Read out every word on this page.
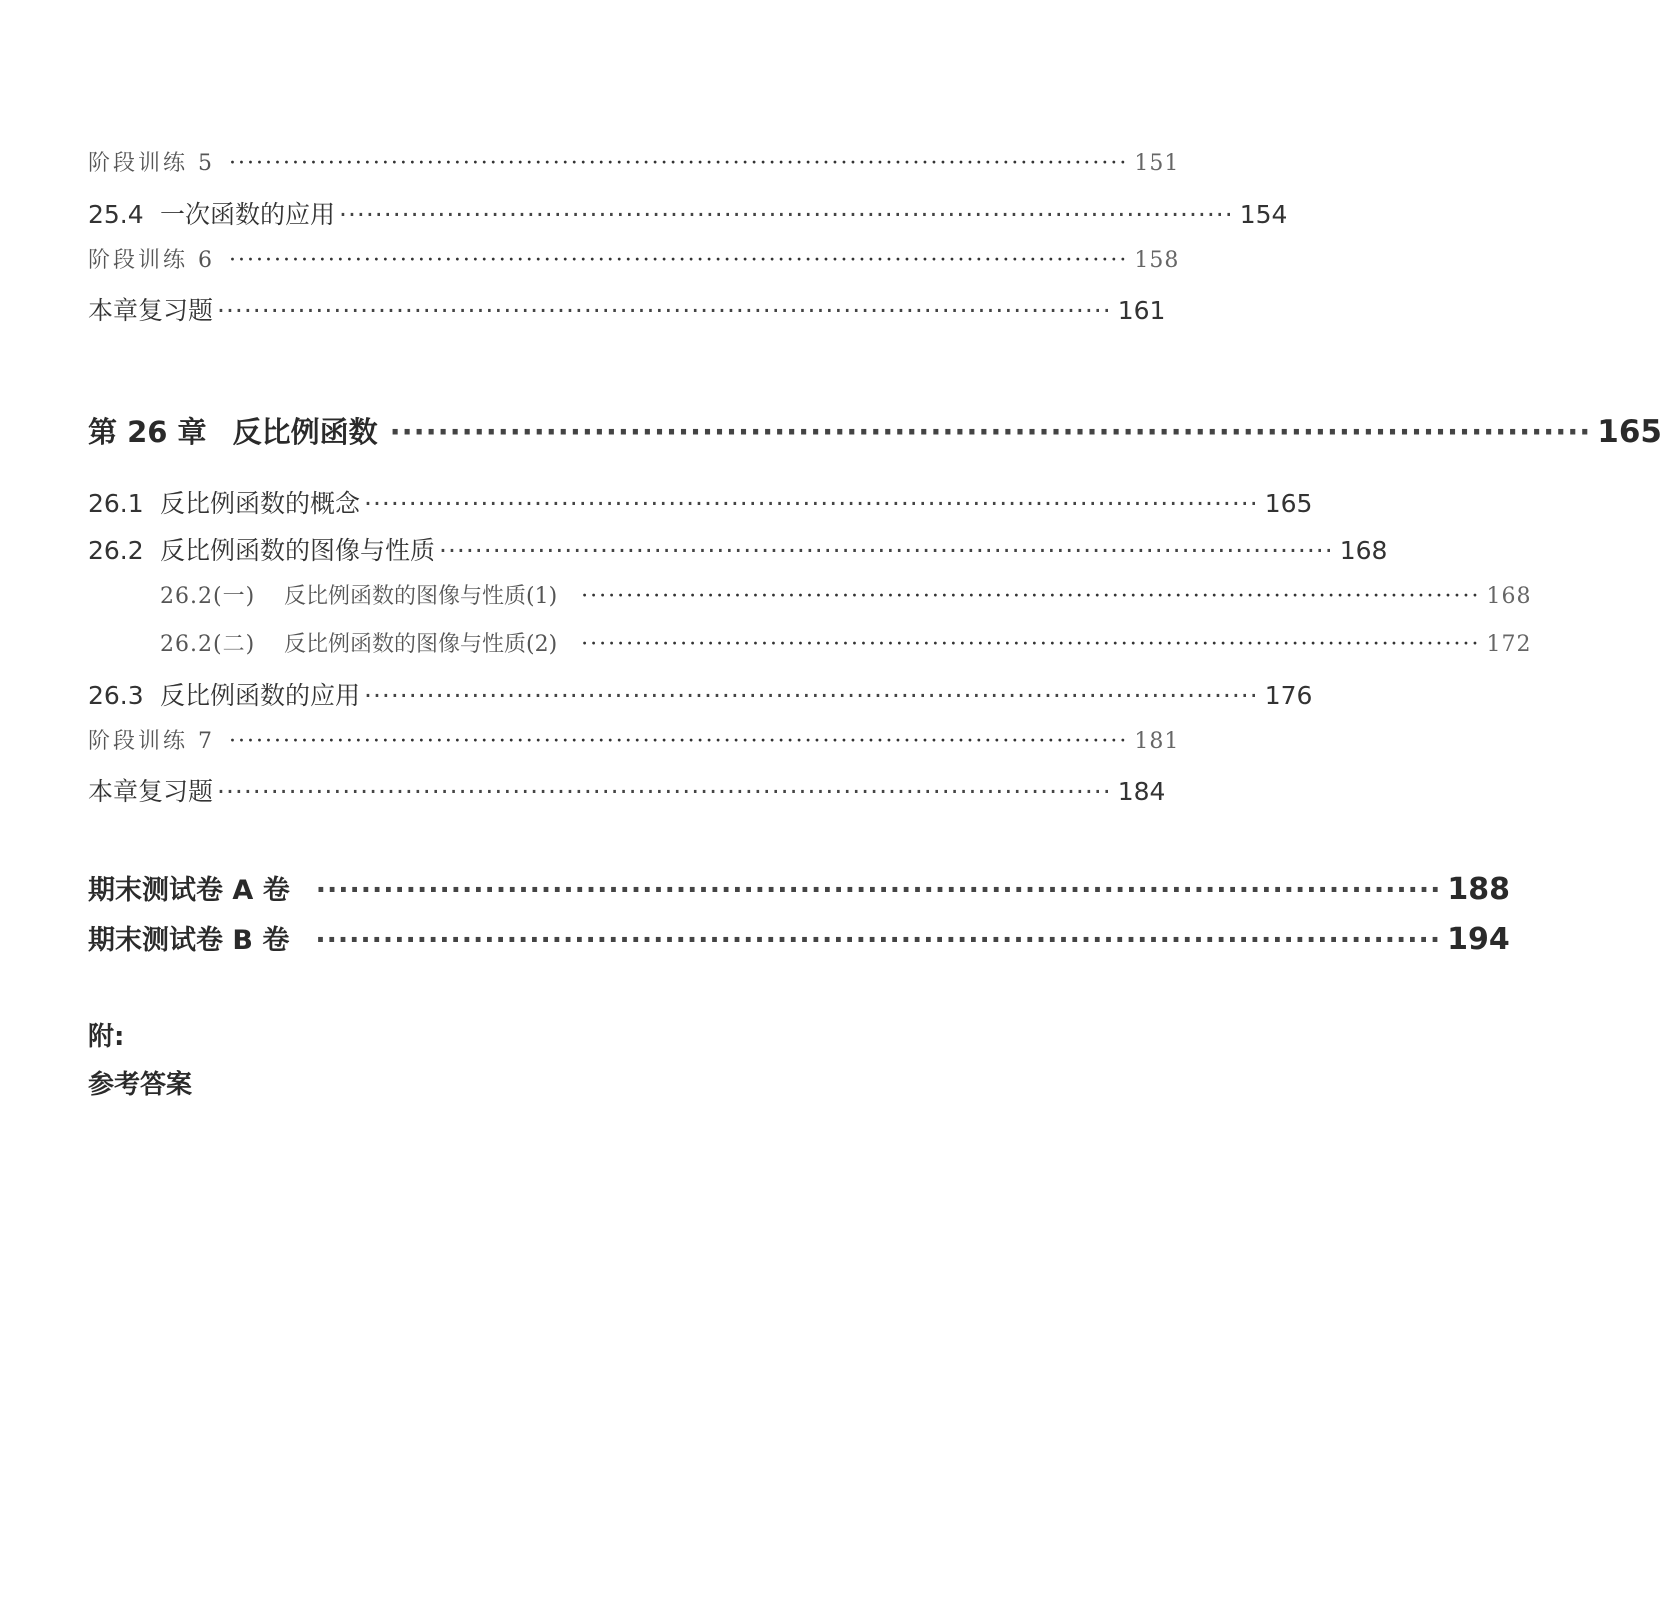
阶段训练 5 ···································································································· 151
25.4 一次函数的应用 ···································································································· 154
阶段训练 6 ···································································································· 158
本章复习题 ···································································································· 161
第 26 章 反比例函数 ···································································································· 165
26.1 反比例函数的概念 ···································································································· 165
26.2 反比例函数的图像与性质 ···································································································· 168
26.2(一)	反比例函数的图像与性质(1) ···································································································· 168
26.2(二)	反比例函数的图像与性质(2) ···································································································· 172
26.3 反比例函数的应用 ···································································································· 176
阶段训练 7 ···································································································· 181
本章复习题 ···································································································· 184
期末测试卷 A 卷 ···································································································· 188
期末测试卷 B 卷 ···································································································· 194
附:
参考答案
